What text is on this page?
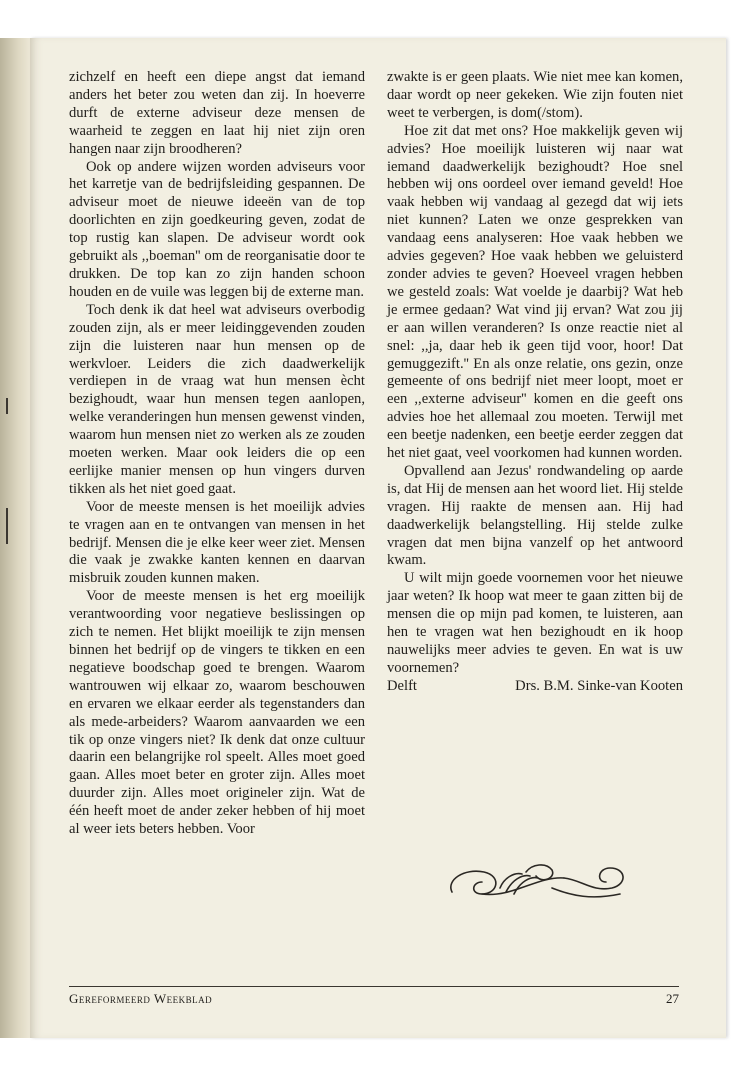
zichzelf en heeft een diepe angst dat iemand anders het beter zou weten dan zij. In hoeverre durft de externe adviseur deze mensen de waarheid te zeggen en laat hij niet zijn oren hangen naar zijn broodheren?

Ook op andere wijzen worden adviseurs voor het karretje van de bedrijfsleiding gespannen. De adviseur moet de nieuwe ideeën van de top doorlichten en zijn goedkeuring geven, zodat de top rustig kan slapen. De adviseur wordt ook gebruikt als ,,boeman'' om de reorganisatie door te drukken. De top kan zo zijn handen schoon houden en de vuile was leggen bij de externe man.

Toch denk ik dat heel wat adviseurs overbodig zouden zijn, als er meer leidinggevenden zouden zijn die luisteren naar hun mensen op de werkvloer. Leiders die zich daadwerkelijk verdiepen in de vraag wat hun mensen ècht bezighoudt, waar hun mensen tegen aanlopen, welke veranderingen hun mensen gewenst vinden, waarom hun mensen niet zo werken als ze zouden moeten werken. Maar ook leiders die op een eerlijke manier mensen op hun vingers durven tikken als het niet goed gaat.

Voor de meeste mensen is het moeilijk advies te vragen aan en te ontvangen van mensen in het bedrijf. Mensen die je elke keer weer ziet. Mensen die vaak je zwakke kanten kennen en daarvan misbruik zouden kunnen maken.

Voor de meeste mensen is het erg moeilijk verantwoording voor negatieve beslissingen op zich te nemen. Het blijkt moeilijk te zijn mensen binnen het bedrijf op de vingers te tikken en een negatieve boodschap goed te brengen. Waarom wantrouwen wij elkaar zo, waarom beschouwen en ervaren we elkaar eerder als tegenstanders dan als mede-arbeiders? Waarom aanvaarden we een tik op onze vingers niet? Ik denk dat onze cultuur daarin een belangrijke rol speelt. Alles moet goed gaan. Alles moet beter en groter zijn. Alles moet duurder zijn. Alles moet origineler zijn. Wat de één heeft moet de ander zeker hebben of hij moet al weer iets beters hebben. Voor

zwakte is er geen plaats. Wie niet mee kan komen, daar wordt op neer gekeken. Wie zijn fouten niet weet te verbergen, is dom(/stom).

Hoe zit dat met ons? Hoe makkelijk geven wij advies? Hoe moeilijk luisteren wij naar wat iemand daadwerkelijk bezighoudt? Hoe snel hebben wij ons oordeel over iemand geveld! Hoe vaak hebben wij vandaag al gezegd dat wij iets niet kunnen? Laten we onze gesprekken van vandaag eens analyseren: Hoe vaak hebben we advies gegeven? Hoe vaak hebben we geluisterd zonder advies te geven? Hoeveel vragen hebben we gesteld zoals: Wat voelde je daarbij? Wat heb je ermee gedaan? Wat vind jij ervan? Wat zou jij er aan willen veranderen? Is onze reactie niet al snel: ,,ja, daar heb ik geen tijd voor, hoor! Dat gemuggezift.'' En als onze relatie, ons gezin, onze gemeente of ons bedrijf niet meer loopt, moet er een ,,externe adviseur'' komen en die geeft ons advies hoe het allemaal zou moeten. Terwijl met een beetje nadenken, een beetje eerder zeggen dat het niet gaat, veel voorkomen had kunnen worden.

Opvallend aan Jezus' rondwandeling op aarde is, dat Hij de mensen aan het woord liet. Hij stelde vragen. Hij raakte de mensen aan. Hij had daadwerkelijk belangstelling. Hij stelde zulke vragen dat men bijna vanzelf op het antwoord kwam.

U wilt mijn goede voornemen voor het nieuwe jaar weten? Ik hoop wat meer te gaan zitten bij de mensen die op mijn pad komen, te luisteren, aan hen te vragen wat hen bezighoudt en ik hoop nauwelijks meer advies te geven. En wat is uw voornemen?

Delft	Drs. B.M. Sinke-van Kooten
Gereformeerd Weekblad	27
